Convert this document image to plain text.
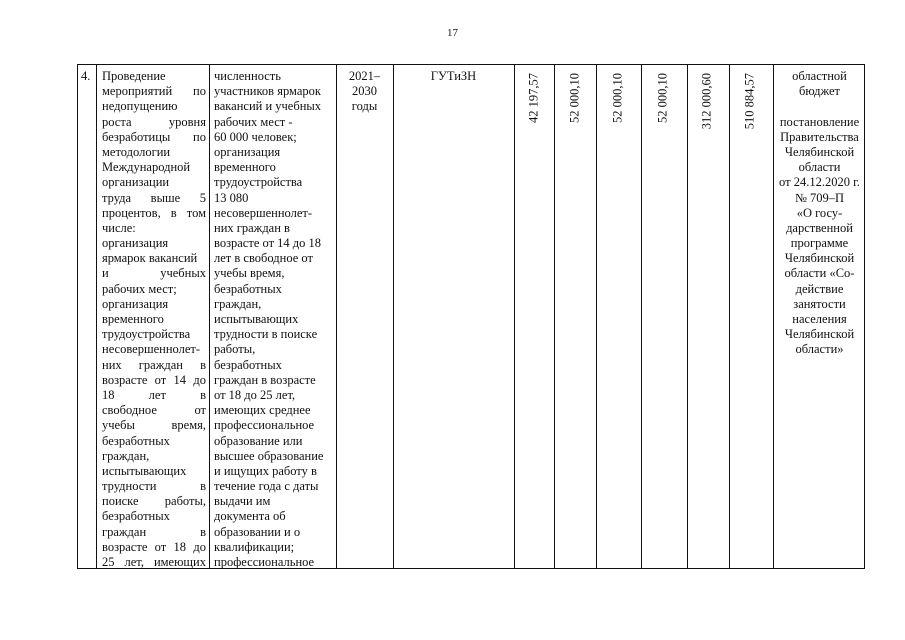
17
4. Проведение
мероприятий по
недопущению
роста уровня
безработицы по
методологии
Международной
организации
труда выше 5
процентов, в том
числе:
организация
ярмарок вакансий
и учебных
рабочих мест;
организация
временного
трудоустройства
несовершеннолет-
них граждан в
возрасте от 14 до
18 лет в
свободное от
учебы время,
безработных
граждан,
испытывающих
трудности в
поиске работы,
безработных
граждан в
возрасте от 18 до
25 лет, имеющих
численность
участников ярмарок
вакансий и учебных
рабочих мест -
60 000 человек;
организация
временного
трудоустройства
13 080
несовершеннолет-
них граждан в
возрасте от 14 до 18
лет в свободное от
учебы время,
безработных
граждан,
испытывающих
трудности в поиске
работы,
безработных
граждан в возрасте
от 18 до 25 лет,
имеющих среднее
профессиональное
образование или
высшее образование
и ищущих работу в
течение года с даты
выдачи им
документа об
образовании и о
квалификации;
профессиональное
2021–
2030
годы
ГУТиЗН	42 197,57 52 000,10 52 000,10 52 000,10 312 000,60 510 884,57	областной
бюджет
постановление
Правительства
Челябинской
области
от 24.12.2020 г.
№ 709–П
«О госу-
дарственной
программе
Челябинской
области «Со-
действие
занятости
населения
Челябинской
области»
